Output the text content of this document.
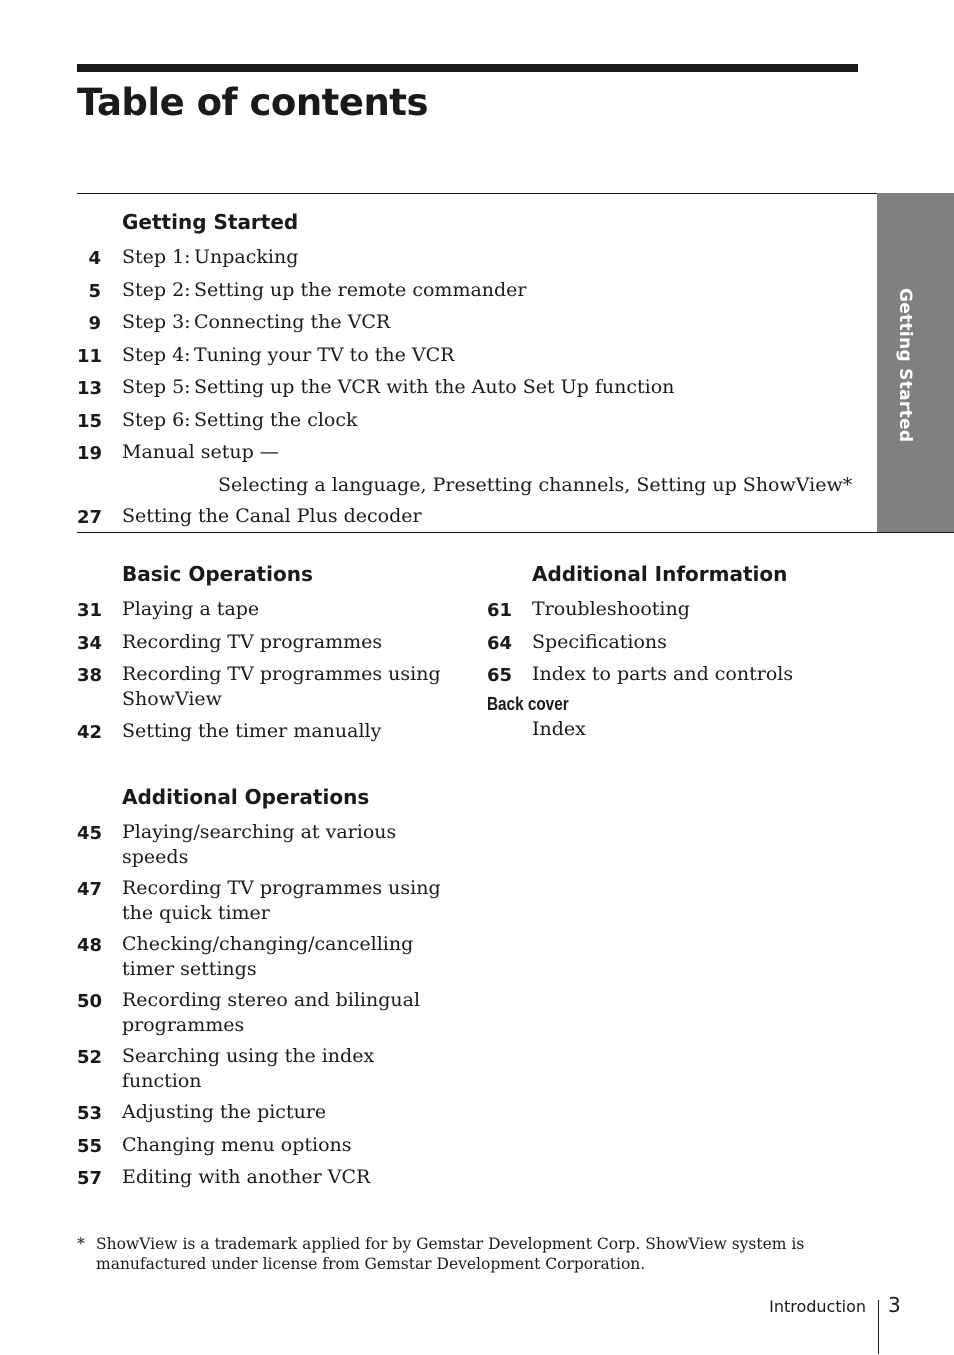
Table of contents
Getting Started
Getting Started
4 Step 1: Unpacking
5 Step 2: Setting up the remote commander
9 Step 3: Connecting the VCR
11 Step 4: Tuning your TV to the VCR
13 Step 5: Setting up the VCR with the Auto Set Up function
15 Step 6: Setting the clock
19 Manual setup —
Selecting a language, Presetting channels, Setting up ShowView*
27 Setting the Canal Plus decoder
Basic Operations
31 Playing a tape
34 Recording TV programmes
38 Recording TV programmes using ShowView
42 Setting the timer manually
Additional Operations
45 Playing/searching at various speeds
47 Recording TV programmes using the quick timer
48 Checking/changing/cancelling timer settings
50 Recording stereo and bilingual programmes
52 Searching using the index function
53 Adjusting the picture
55 Changing menu options
57 Editing with another VCR
Additional Information
61 Troubleshooting
64 Specifications
65 Index to parts and controls
Back cover
Index
* ShowView is a trademark applied for by Gemstar Development Corp. ShowView system is manufactured under license from Gemstar Development Corporation.
Introduction 3
